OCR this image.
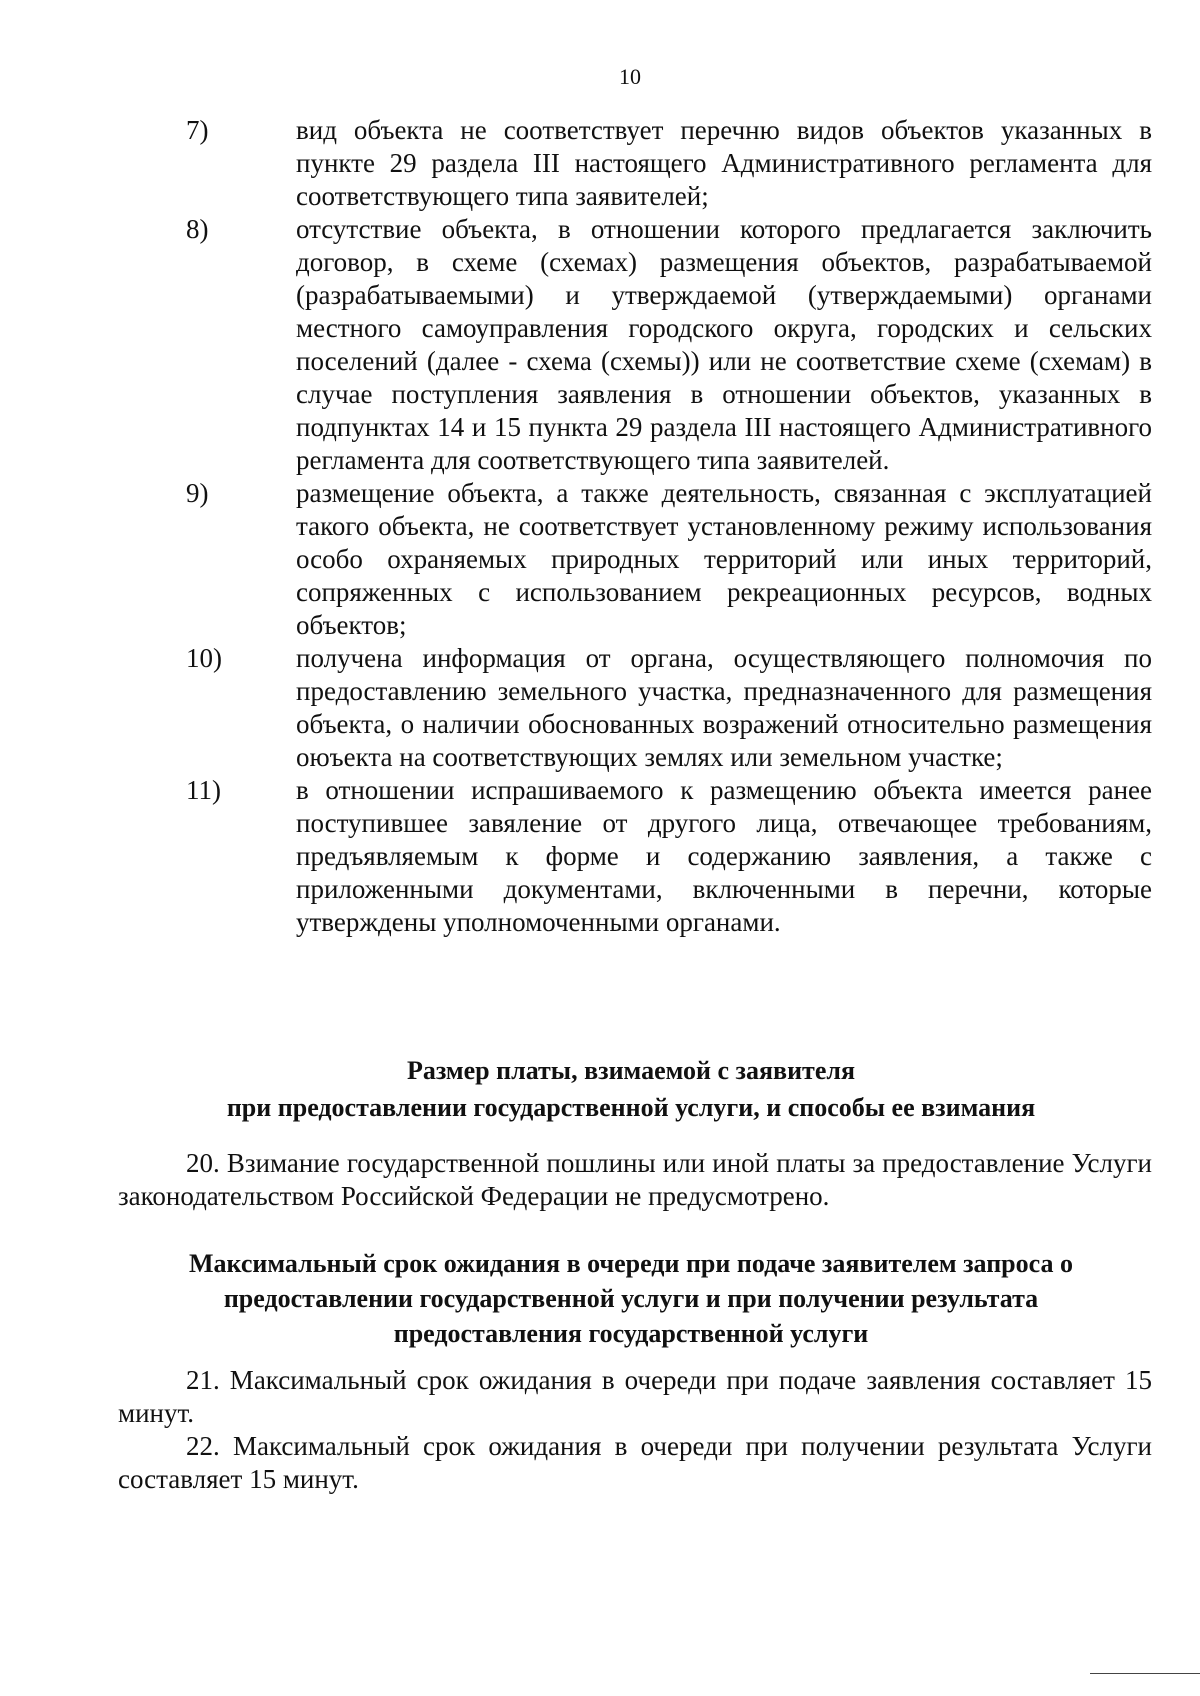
10
7)	вид объекта не соответствует перечню видов объектов указанных в пункте 29 раздела III настоящего Административного регламента для соответствующего типа заявителей;
8)	отсутствие объекта, в отношении которого предлагается заключить договор, в схеме (схемах) размещения объектов, разрабатываемой (разрабатываемыми) и утверждаемой (утверждаемыми) органами местного самоуправления городского округа, городских и сельских поселений (далее - схема (схемы)) или не соответствие схеме (схемам) в случае поступления заявления в отношении объектов, указанных в подпунктах 14 и 15 пункта 29 раздела III настоящего Административного регламента для соответствующего типа заявителей.
9)	размещение объекта, а также деятельность, связанная с эксплуатацией такого объекта, не соответствует установленному режиму использования особо охраняемых природных территорий или иных территорий, сопряженных с использованием рекреационных ресурсов, водных объектов;
10)	получена информация от органа, осуществляющего полномочия по предоставлению земельного участка, предназначенного для размещения объекта, о наличии обоснованных возражений относительно размещения оюъекта на соответствующих землях или земельном участке;
11)	в отношении испрашиваемого к размещению объекта имеется ранее поступившее завяление от другого лица, отвечающее требованиям, предъявляемым к форме и содержанию заявления, а также с приложенными документами, включенными в перечни, которые утверждены уполномоченными органами.
Размер платы, взимаемой с заявителя
при предоставлении государственной услуги, и способы ее взимания
20. Взимание государственной пошлины или иной платы за предоставление Услуги законодательством Российской Федерации не предусмотрено.
Максимальный срок ожидания в очереди при подаче заявителем запроса о
предоставлении государственной услуги и при получении результата
предоставления государственной услуги
21. Максимальный срок ожидания в очереди при подаче заявления составляет 15 минут.
22. Максимальный срок ожидания в очереди при получении результата Услуги составляет 15 минут.
